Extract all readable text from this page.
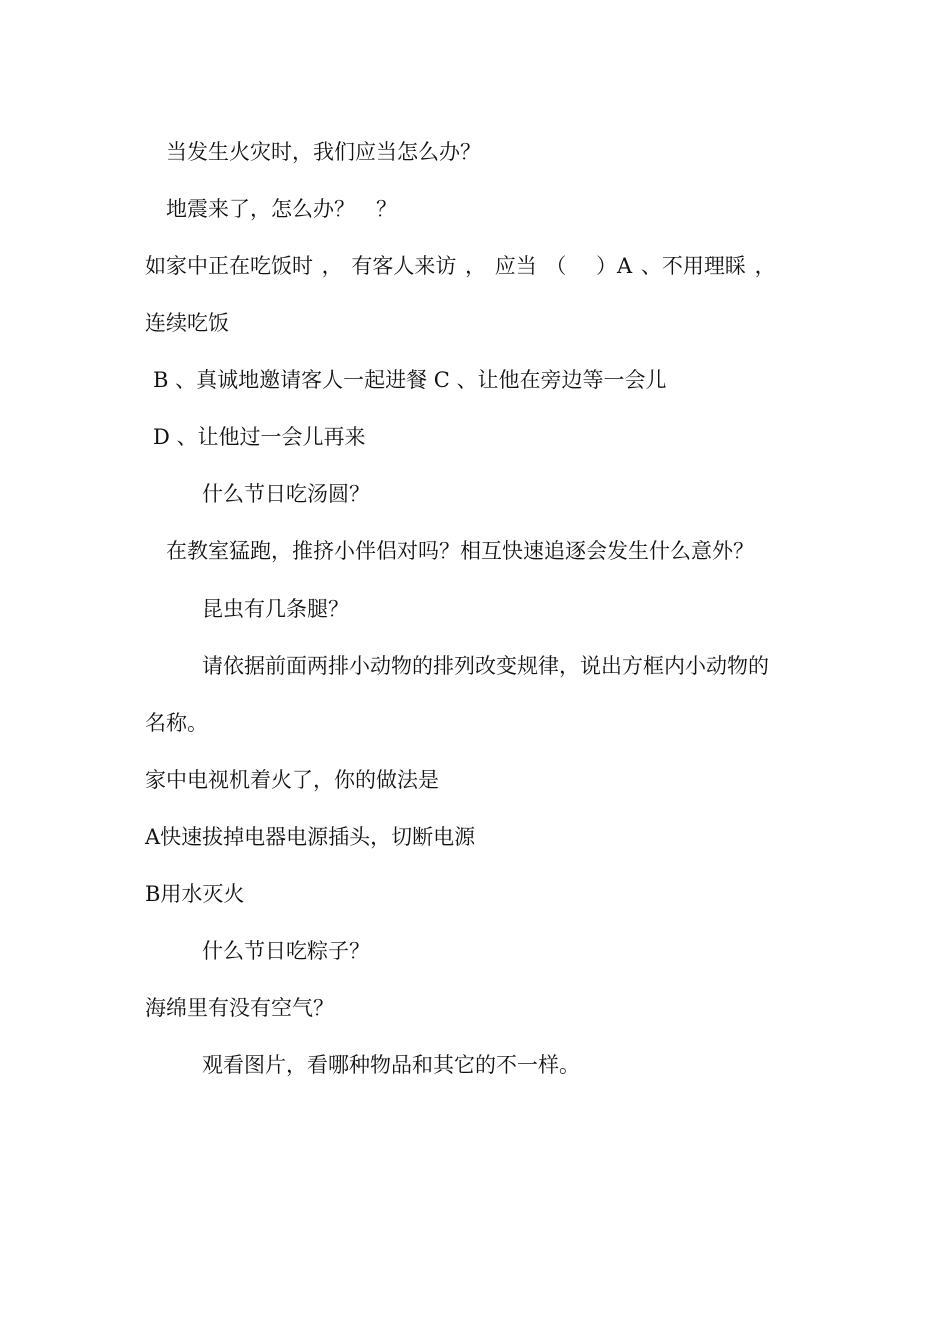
当发生火灾时，我们应当怎么办？
地震来了，怎么办？　？
如家中正在吃饭时 ， 有客人来访 ， 应当 （　 ）A 、不用理睬 ，
连续吃饭
B 、真诚地邀请客人一起进餐 C 、让他在旁边等一会儿
D 、让他过一会儿再来
什么节日吃汤圆？
在教室猛跑，推挤小伴侣对吗？相互快速追逐会发生什么意外？
昆虫有几条腿？
请依据前面两排小动物的排列改变规律，说出方框内小动物的
名称。
家中电视机着火了，你的做法是
A快速拔掉电器电源插头，切断电源
B用水灭火
什么节日吃粽子？
海绵里有没有空气？
观看图片，看哪种物品和其它的不一样。
